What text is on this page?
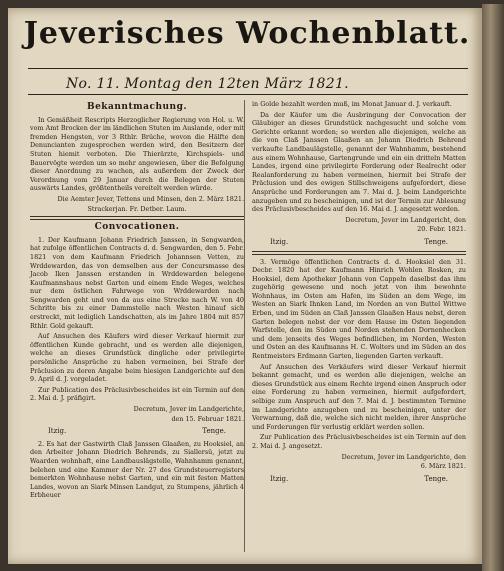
Jeverisches Wochenblatt.
No. 11. Montag den 12ten März 1821.
Bekanntmachung.

In Gemäßheit Rescripts Herzoglicher Regierung von Hol. u. W. vom Amt Brocken der im ländlichen Stuten im Auslande, oder mit fremden Hengsten, vor 3 Rthlr. Brüche, wovon die Hälfte den Denuncianten zugesprochen werden wird, den Besitzern der Stuten hiemit verboten. Die Thierärzte, Kirchspiels- und Bauervögte werden um so mehr angewiesen, über die Befolgung dieser Anordnung zu wachen, als außerdem der Zweck der Verordnung vom 29 Januar durch die Belegen der Stuten auswärts Landes, größtentheils vereitelt werden würde.

Die Aemter Jever, Tettens und Minsen, den 2. März 1821.
Strackerjan. Fr. Detber. Laum.
Convocationen.

1. Der Kaufmann Johann Friedrich Janssen, in Sengwarden, hat zufolge öffentlichen Contracts d. d. Sengwarden, den 5. Febr. 1821 von dem Kaufmann Friedrich Johannsen Vetten, zu Wrddewarden, das von demselben aus der Concursmasse des Jacob Iken Janssen erstanden in Wrddewarden belegene Kaufmannshaus nebst Garten und einem Ende Weges, welches nur dem östlichen Fahrwege von Wrddewarden nach Sengwarden geht und von da aus eine Strecke nach W. von 40 Schritte bis zu einer Dammstelle nach Westen hinauf sich erstreckt, mit lediglich Landschatten, als im Jahre 1804 mit 857 Rthlr. Gold gekauft.

Auf Ansuchen des Käufers wird dieser Verkauf hiermit zur öffentlichen Kunde gebracht, und es werden alle diejenigen, welche an dieses Grundstück dingliche oder privilegirte persönliche Ansprüche zu haben vermeinen, bei Strafe der Präclusion zu deren Angabe beim hiesigen Landgerichte auf den 9. April d. J. vorgeladet.

Zur Publication des Präclusivbescheides ist ein Termin auf den 2. Mai d. J. präfigirt.

Decretum, Jever im Landgerichte,
den 15. Februar 1821.
Itzig.	Tenge.

2. Es hat der Gastwirth Claß Janssen Glaaßen, zu Hooksiel, an den Arbeiter Johann Diedrich Behrends, zu Siallersü, jetzt zu Waarden wohnhaft, eine Landbauslägstelle, Wahnhamm genannt, belehen und eine Kammer der Nr. 27 des Grundsteuerregisters bemerkten Wohnhause nebst Garten, und ein mit festen Matten Landes, wovon an Siark Minsen Landgut, zu Stumpens, jährlich 4 Erbheuer

in Golde bezahlt werden muß, im Monat Januar d. J. verkauft.

Da der Käufer um die Ausbringung der Convocation der Gläubiger an dieses Grundstück nachgesucht und solche vom Gerichte erkannt worden; so werden alle diejenigen, welche an die von Claß Janssen Glaaßen an Johann Diedrich Behrend verkaufte Landbaulägstelle, genannt der Wahnhamm, bestehend aus einem Wohnhause, Gartengrunde und ein ein dritteln Matten Landes, irgend eine privilegirte Forderung oder Realrecht oder Realanforderung zu haben vermeinen, hiermit bei Strafe der Präclusion und des ewigen Stillschweigens aufgefordert, diese Ansprüche und Forderungen am 7. Mai d. J. beim Landgerichte anzugeben und zu bescheinigen, und ist der Termin zur Ablesung des Präclusivbescheides auf den 16. Mai d. J. angesetzt worden.

Decretum, Jever im Landgericht, den
20. Febr. 1821.
Itzig.	Tenge.

3. Vermöge öffentlichen Contracts d. d. Hooksiel den 31. Decbr. 1820 hat der Kaufmann Hinrich Wohlen Rosken, zu Hooksiel, dem Apotheker Johann von Cappeln daselbst das ihm zugehörig gewesene und noch jetzt von ihm bewohnte Wohnhaus, im Osten am Hafen, im Süden an dem Wege, im Westen an Siark Ihnken Land, im Norden an von Buttel Wittwe Erben, und im Süden an Claß Janssen Glaaßen Haus nebst, deren Garten belegen nebst der vor dem Hause im Osten liegenden Warfstelle, den im Süden und Norden stehenden Dornenhecken und dem jenseits des Weges befindlichen, im Norden, Westen und Osten an des Kaufmanns H. C. Wolters und im Süden an des Rentmeisters Erdmann Garten, liegenden Garten verkauft.

Auf Ansuchen des Verkäufers wird dieser Verkauf hiermit bekannt gemacht, und es werden alle diejenigen, welche an dieses Grundstück aus einem Rechte irgend einen Anspruch oder eine Forderung zu haben vermeinen, hiermit aufgefordert, selbige zum Anspruch auf den 7. Mai d. J. bestimmten Termine im Landgerichte anzugeben und zu bescheinigen, unter der Verwarnung, daß die, welche sich nicht melden, ihrer Ansprüche und Forderungen für verlustig erklärt werden sollen.

Zur Publication des Präclusivbescheides ist ein Termin auf den 2. Mai d. J. angesetzt.

Decretum, Jever im Landgerichte, den
6. März 1821.
Itzig.	Tenge.
